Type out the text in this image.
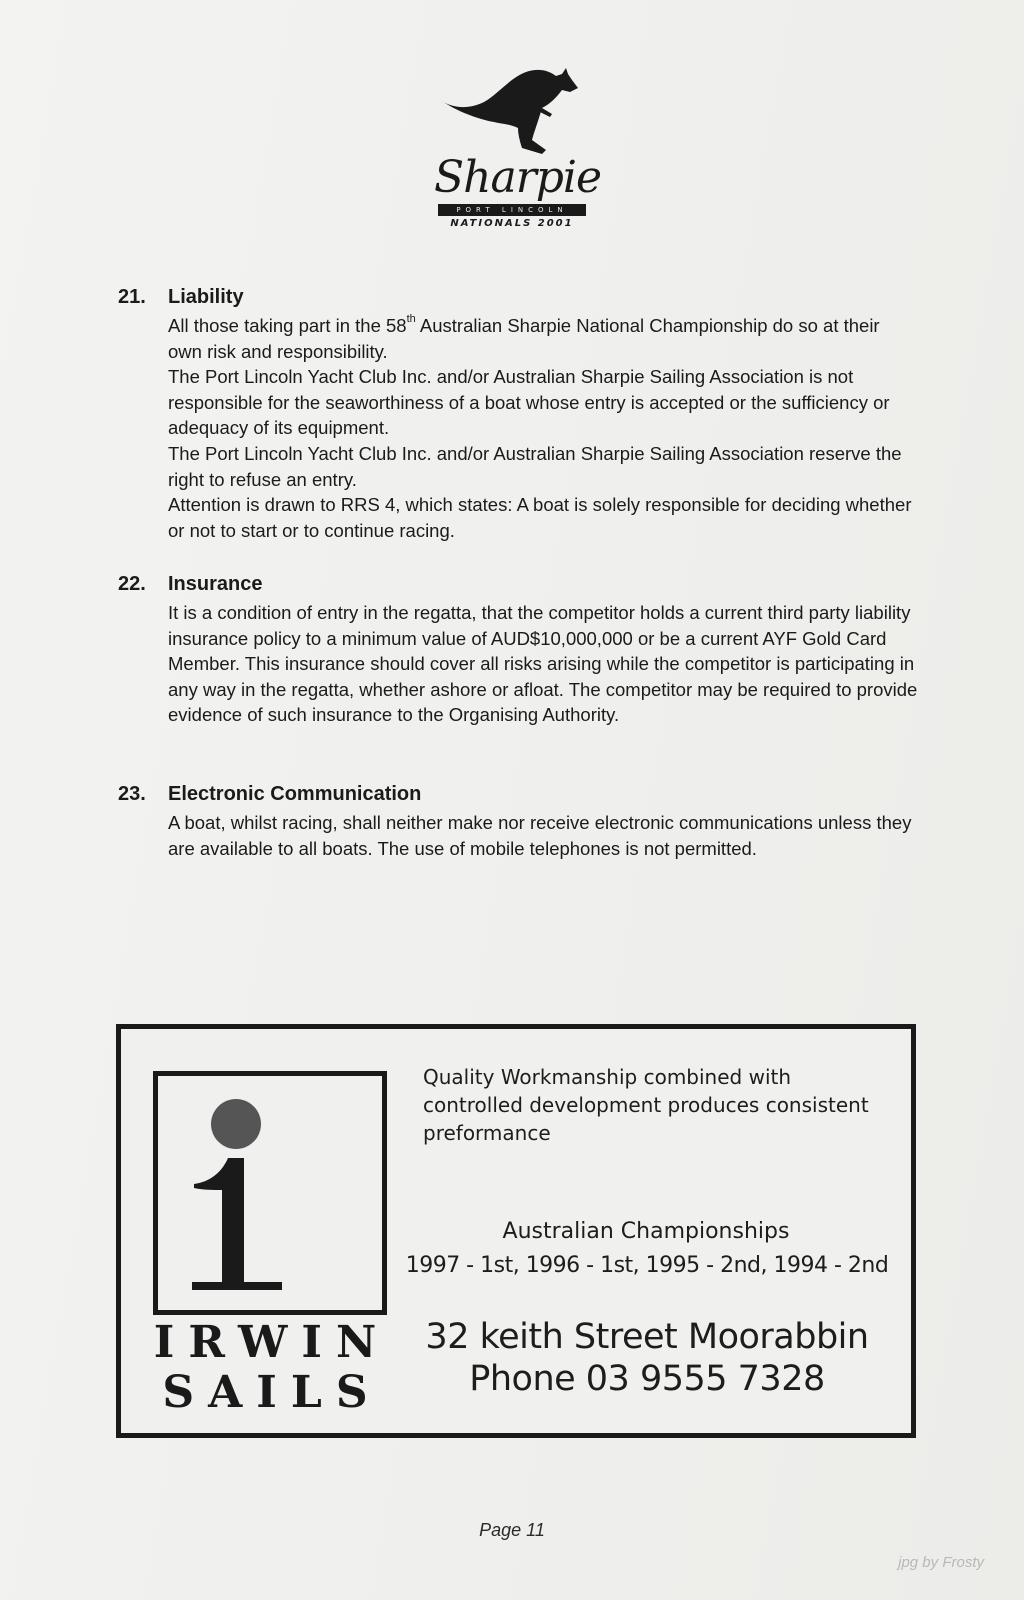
Sharpie
PORT LINCOLN
NATIONALS 2001
21.	Liability

All those taking part in the 58th Australian Sharpie National Championship do so at their own risk and responsibility.

The Port Lincoln Yacht Club Inc. and/or Australian Sharpie Sailing Association is not responsible for the seaworthiness of a boat whose entry is accepted or the sufficiency or adequacy of its equipment.

The Port Lincoln Yacht Club Inc. and/or Australian Sharpie Sailing Association reserve the right to refuse an entry.

Attention is drawn to RRS 4, which states: A boat is solely responsible for deciding whether or not to start or to continue racing.

22.	Insurance

It is a condition of entry in the regatta, that the competitor holds a current third party liability insurance policy to a minimum value of AUD$10,000,000 or be a current AYF Gold Card Member. This insurance should cover all risks arising while the competitor is participating in any way in the regatta, whether ashore or afloat. The competitor may be required to provide evidence of such insurance to the Organising Authority.

23.	Electronic Communication

A boat, whilst racing, shall neither make nor receive electronic communications unless they are available to all boats. The use of mobile telephones is not permitted.

IRWIN
SAILS
Quality Workmanship combined with controlled development produces consistent preformance
Australian Championships
1997 - 1st, 1996 - 1st, 1995 - 2nd, 1994 - 2nd
32 keith Street Moorabbin
Phone 03 9555 7328
Page 11
jpg by Frosty
